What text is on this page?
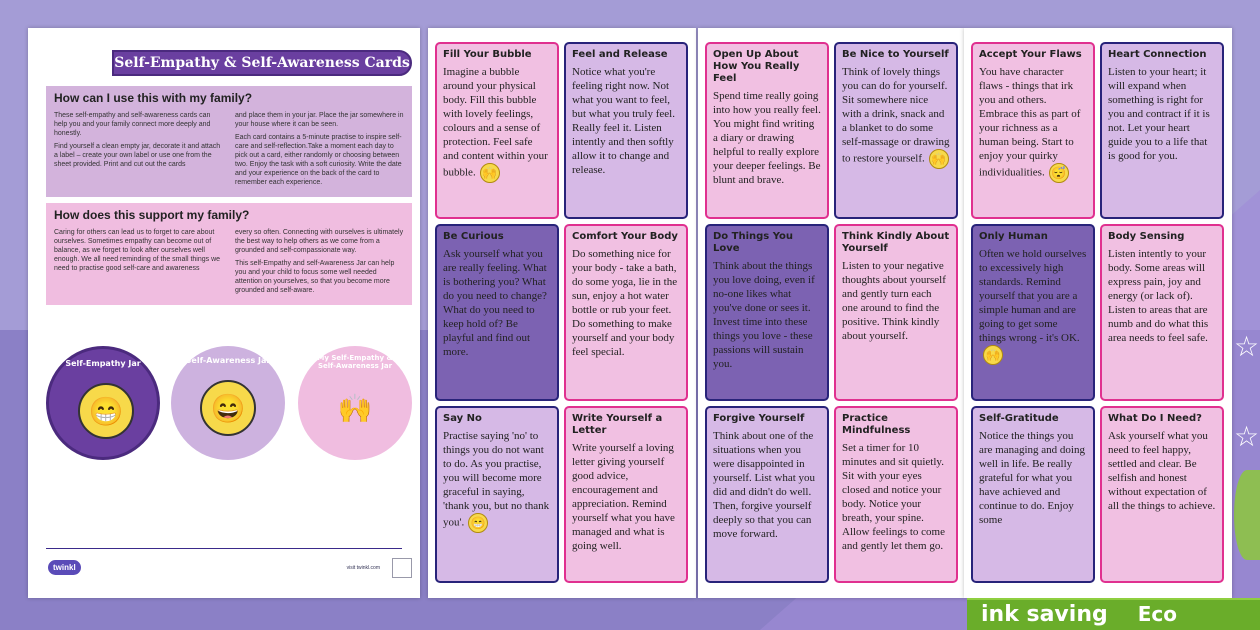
☆
☆
Self-Empathy & Self-Awareness Cards
How can I use this with my family?

These self-empathy and self-awareness cards can help you and your family connect more deeply and honestly.

Find yourself a clean empty jar, decorate it and attach a label – create your own label or use one from the sheet provided. Print and cut out the cards

and place them in your jar. Place the jar somewhere in your house where it can be seen.

Each card contains a 5-minute practise to inspire self-care and self-reflection.Take a moment each day to pick out a card, either randomly or choosing between two. Enjoy the task with a soft curiosity. Write the date and your experience on the back of the card to remember each experience.

How does this support my family?

Caring for others can lead us to forget to care about ourselves. Sometimes empathy can become out of balance, as we forget to look after ourselves well enough. We all need reminding of the small things we need to practise good self-care and awareness

every so often. Connecting with ourselves is ultimately the best way to help others as we come from a grounded and self-compassionate way.

This self-Empathy and self-Awareness Jar can help you and your child to focus some well needed attention on yourselves, so that you become more grounded and self-aware.

Self-Empathy Jar
😁
Self-Awareness Jar
😄
My Self-Empathy & Self-Awareness Jar
🙌
twinkl	visit twinkl.com
Fill Your Bubble

Imagine a bubble around your physical body. Fill this bubble with lovely feelings, colours and a sense of protection. Feel safe and content within your bubble. 🙌

Feel and Release

Notice what you're feeling right now. Not what you want to feel, but what you truly feel. Really feel it. Listen intently and then softly allow it to change and release.

Be Curious

Ask yourself what you are really feeling. What is bothering you? What do you need to change? What do you need to keep hold of? Be playful and find out more.

Comfort Your Body

Do something nice for your body - take a bath, do some yoga, lie in the sun, enjoy a hot water bottle or rub your feet. Do something to make yourself and your body feel special.

Say No

Practise saying 'no' to things you do not want to do. As you practise, you will become more graceful in saying, 'thank you, but no thank you'. 😁

Write Yourself a Letter

Write yourself a loving letter giving yourself good advice, encouragement and appreciation. Remind yourself what you have managed and what is going well.

Open Up About How You Really Feel

Spend time really going into how you really feel. You might find writing a diary or drawing helpful to really explore your deeper feelings. Be blunt and brave.

Be Nice to Yourself

Think of lovely things you can do for yourself. Sit somewhere nice with a drink, snack and a blanket to do some self-massage or drawing to restore yourself. 🙌

Do Things You Love

Think about the things you love doing, even if no-one likes what you've done or sees it. Invest time into these things you love - these passions will sustain you.

Think Kindly About Yourself

Listen to your negative thoughts about yourself and gently turn each one around to find the positive. Think kindly about yourself.

Forgive Yourself

Think about one of the situations when you were disappointed in yourself. List what you did and didn't do well. Then, forgive yourself deeply so that you can move forward.

Practice Mindfulness

Set a timer for 10 minutes and sit quietly. Sit with your eyes closed and notice your body. Notice your breath, your spine. Allow feelings to come and gently let them go.

Accept Your Flaws

You have character flaws - things that irk you and others. Embrace this as part of your richness as a human being. Start to enjoy your quirky individualities. 😴

Heart Connection

Listen to your heart; it will expand when something is right for you and contract if it is not. Let your heart guide you to a life that is good for you.

Only Human

Often we hold ourselves to excessively high standards. Remind yourself that you are a simple human and are going to get some things wrong - it's OK.🙌

Body Sensing

Listen intently to your body. Some areas will express pain, joy and energy (or lack of). Listen to areas that are numb and do what this area needs to feel safe.

Self-Gratitude

Notice the things you are managing and doing well in life. Be really grateful for what you have achieved and continue to do. Enjoy some

What Do I Need?

Ask yourself what you need to feel happy, settled and clear. Be selfish and honest without expectation of all the things to achieve.

ink saving Eco
